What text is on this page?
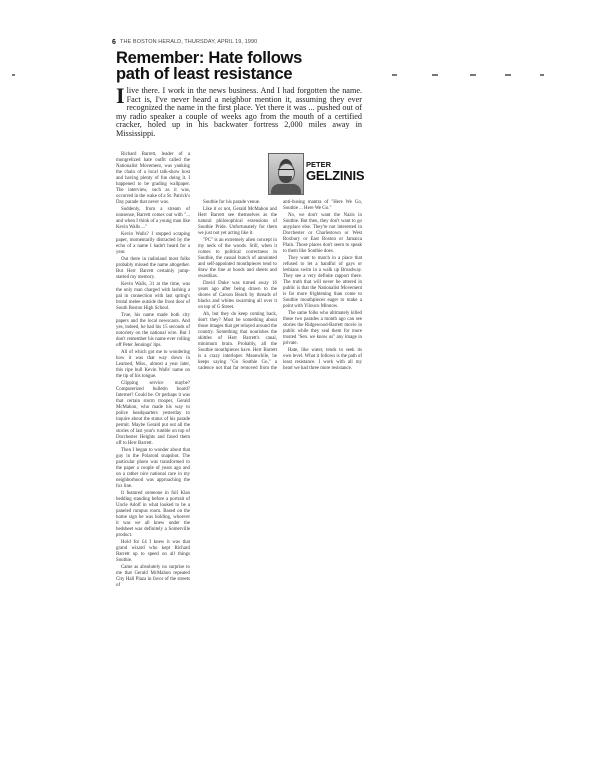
6 THE BOSTON HERALD, THURSDAY, APRIL 19, 1990
Remember: Hate follows
path of least resistance

Ilive there. I work in the news business. And I had forgotten the name. Fact is, I've never heard a neighbor mention it, assuming they ever recognized the name in the first place. Yet there it was ... pushed out of my radio speaker a couple of weeks ago from the mouth of a certified cracker, holed up in his backwater fortress 2,000 miles away in Mississippi.

Richard Barrett, leader of a mongrelized hate outfit called the Nationalist Movement, was yanking the chain of a local talk-show host and having plenty of fun doing it. I happened to be grading wallpaper. The interview, such as it was, occurred in the wake of a St. Patrick's Day parade that never was.

Suddenly, from a stream of nonsense, Barrett comes out with "... and when I think of a young man like Kevin Walls ..."

Kevin Walls? I stopped scraping paper, momentarily distracted by the echo of a name I hadn't heard for a year.

Out there in radioland most folks probably missed the name altogether. But Herr Barrett certainly jump-started my memory.

Kevin Walls, 31 at the time, was the only man charged with lashing a pal in connection with last spring's brutal melee outside the front door of South Boston High School.

True, his name made both city papers and the local newscasts. And yes, indeed, he had his 15 seconds of notoriety on the national wire. But I don't remember his name ever rolling off Peter Jennings' lips.

All of which got me to wondering how it was that way down in Learned, Miss., almost a year later, this ripe bull Kevin Walls' name on the tip of his tongue.

Clipping service maybe? Computerized bulletin board? Internet? Could be. Or perhaps it was that certain storm trooper, Gerald McMahon, who made his way to police headquarters yesterday to inquire about the status of his parade permit. Maybe Gerald put out all the stories of last year's rumble on top of Dorchester Heights and faxed them off to Herr Barrett.

Then I began to wonder about that guy in the Polaroid snapshot. The particular photo was transformed to the paper a couple of years ago and on a rather nice national race in my neighborhood was approaching the fox line.

It featured someone in full Klan bedding standing before a portrait of Uncle Adolf in what looked to be a paneled rumpus room. Based on the home sign he was holding, whoever it was we all knew under the bedsheet was definitely a Somerville product.

Hold for £4 I knew it was that grand wizard who kept Richard Barrett up to speed on all things Southie.

Came as absolutely no surprise to me that Gerald McMahon repeated City Hall Plaza in favor of the streets of

Southie for his parade venue.

Like it or not, Gerald McMahon and Herr Barrett see themselves as the natural philosophical extensions of Southie Pride. Unfortunately for them we just not yet acting like it.

"PC" is an extremely alien concept in my neck of the woods. Still, when it comes to political correctness in Southie, the casual bunch of annointed and self-appointed mouthpieces tend to draw the line at hoods and sheets and swastikas.

David Duke was turned away 16 years ago after being drawn to the shores of Carson Beach by threads of blacks and whites swarming all over it on top of G Street.

Ah, but they do keep coming back, don't they? Must be something about those images that get relayed around the country. Something that nourishes the skittles of Herr Barrett's canal, minimum brain. Probably, all the Southie mouthpieces have. Herr Barrett is a crazy interloper. Meanwhile, he keeps saying "Go Southie Go," a cadence not that far removed from the anti-busing mantra of "Here We Go, Southie ... Here We Go."

No, we don't want the Nazis in Southie. But then, they don't want to go anyplace else. They're not interested in Dorchester or Charlestown or West Roxbury or East Boston or Jamaica Plain. Those places don't seem to speak to them like Southie does.

They want to march in a place that refused to let a handful of gays or lesbians swim in a walk up Broadway. They see a very definite rapport there. The truth that will never be uttered in public is that the Nationalist Movement is far more frightening than come to Southie mouthpieces eager to make a point with Yiloucu Minnow.

The same folks who ultimately killed those two parades a month ago can see stories the Ridgewood-Barrett movie in public while they seal them for more trusted "Sen. we know us" any image in private.

Hate, like water, tends to seek its own level. What it follows is the path of least resistance. I work with all my heart we had three more resistance.

PETER
GELZINIS
